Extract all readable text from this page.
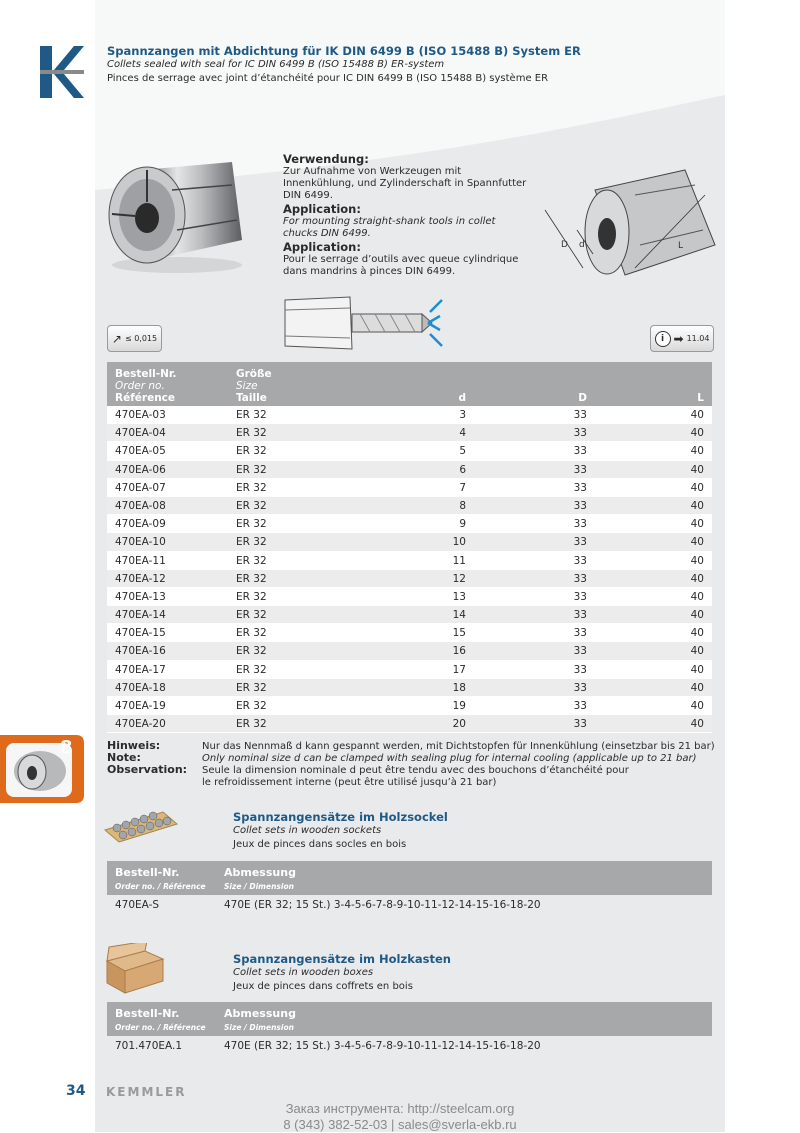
Spannzangen mit Abdichtung für IK DIN 6499 B (ISO 15488 B) System ER
Collets sealed with seal for IC DIN 6499 B (ISO 15488 B) ER-system
Pinces de serrage avec joint d’étanchéité pour IC DIN 6499 B (ISO 15488 B) système ER
Verwendung:
Zur Aufnahme von Werkzeugen mit Innenkühlung, und Zylinderschaft in Spannfutter DIN 6499.
Application:
For mounting straight-shank tools in collet chucks DIN 6499.
Application:
Pour le serrage d’outils avec queue cylindrique dans mandrins à pinces DIN 6499.
D d	L
↗ ≤ 0,015	i ➡ 11.04
Bestell-Nr.
Order no.
Référence
Größe
Size
Taille	d	D	L
470EA-03	ER 32	3	33	40
470EA-04	ER 32	4	33	40
470EA-05	ER 32	5	33	40
470EA-06	ER 32	6	33	40
470EA-07	ER 32	7	33	40
470EA-08	ER 32	8	33	40
470EA-09	ER 32	9	33	40
470EA-10	ER 32	10	33	40
470EA-11	ER 32	11	33	40
470EA-12	ER 32	12	33	40
470EA-13	ER 32	13	33	40
470EA-14	ER 32	14	33	40
470EA-15	ER 32	15	33	40
470EA-16	ER 32	16	33	40
470EA-17	ER 32	17	33	40
470EA-18	ER 32	18	33	40
470EA-19	ER 32	19	33	40
470EA-20	ER 32	20	33	40
8	Hinweis:
Note:
Observation:
Nur das Nennmaß d kann gespannt werden, mit Dichtstopfen für Innenkühlung (einsetzbar bis 21 bar)
Only nominal size d can be clamped with sealing plug for internal cooling (applicable up to 21 bar)
Seule la dimension nominale d peut être tendu avec des bouchons d’étanchéité pour
le refroidissement interne (peut être utilisé jusqu’à 21 bar)
Spannzangensätze im Holzsockel
Collet sets in wooden sockets
Jeux de pinces dans socles en bois
Bestell-Nr.	Abmessung
Order no. / Référence Size / Dimension
470EA-S	470E (ER 32; 15 St.) 3-4-5-6-7-8-9-10-11-12-14-15-16-18-20
Spannzangensätze im Holzkasten
Collet sets in wooden boxes
Jeux de pinces dans coffrets en bois
Bestell-Nr.	Abmessung
Order no. / Référence Size / Dimension
701.470EA.1	470E (ER 32; 15 St.) 3-4-5-6-7-8-9-10-11-12-14-15-16-18-20
34 KEMMLER
Заказ инструмента: http://steelcam.org
8 (343) 382-52-03 | sales@sverla-ekb.ru
